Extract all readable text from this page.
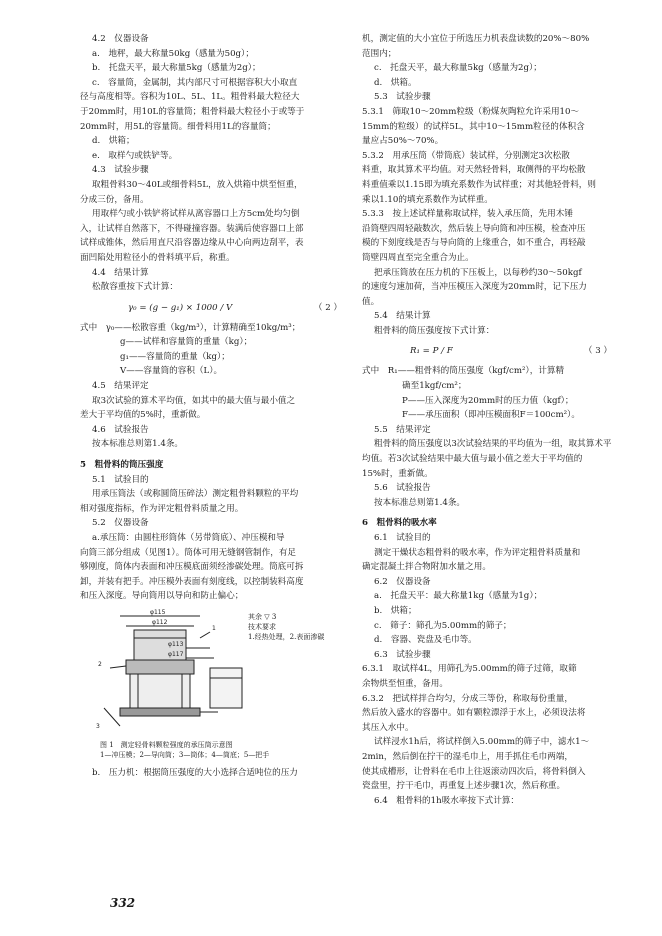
4.2　仪器设备
a.　地秤，最大称量50kg（感量为50g）；
b.　托盘天平，最大称量5kg（感量为2g）；
c.　容量筒，金属制，其内部尺寸可根据容积大小取直
径与高度相等。容积为10L、5L、1L。粗骨料最大粒径大
于20mm时，用10L的容量筒；粗骨料最大粒径小于或等于
20mm时，用5L的容量筒。细骨料用1L的容量筒；
d.　烘箱；
e.　取样勺或铁铲等。
4.3　试验步骤
取粗骨料30～40L或细骨料5L，放入烘箱中烘至恒重，
分成三份，备用。
用取样勺或小铁铲将试样从离容器口上方5cm处均匀倒
入，让试样自然落下，不得碰撞容器。装满后使容器口上部
试样成锥体，然后用直尺沿容器边缘从中心向两边刮平，表
面凹陷处用粒径小的骨料填平后，称重。
4.4　结果计算
松散容重按下式计算：
γ₀ = (g − g₁) × 1000 / V	（ 2 ）
式中　γ₀——松散容重（kg/m³），计算精确至10kg/m³；
g——试样和容量筒的重量（kg）；
g₁——容量筒的重量（kg）；
V——容量筒的容积（L）。
4.5　结果评定
取3次试验的算术平均值，如其中的最大值与最小值之
差大于平均值的5%时，重新做。
4.6　试验报告
按本标准总则第1.4条。
5　粗骨料的筒压强度
5.1　试验目的
用承压筒法（或称圆筒压碎法）测定粗骨料颗粒的平均
相对强度指标，作为评定粗骨料质量之用。
5.2　仪器设备
a.承压筒：由圆柱形筒体（另带筒底）、冲压模和导
向筒三部分组成（见图1）。筒体可用无缝钢管制作，有足
够刚度，筒体内表面和冲压模底面须经渗碳处理。筒底可拆
卸，并装有把手。冲压模外表面有刻度线，以控制装料高度
和压入深度。导向筒用以导向和防止偏心；
φ115
φ112
φ113
φ117
1
2
3
其余 ▽ 3
技术要求
1.经热处理，2.表面渗碳
图 1　测定轻骨料颗粒强度的承压筒示意图
1—冲压模；2—导向筒；3—筒体；4—筒底；5—把手
b.　压力机：根据筒压强度的大小选择合适吨位的压力
机，测定值的大小宜位于所选压力机表盘读数的20%～80%
范围内；
c.　托盘天平，最大称量5kg（感量为2g）；
d.　烘箱。
5.3　试验步骤
5.3.1　筛取10～20mm粒级（粉煤灰陶粒允许采用10～
15mm的粒级）的试样5L，其中10～15mm粒径的体积含
量应占50%～70%。
5.3.2　用承压筒（带筒底）装试样，分别测定3次松散
料重，取其算术平均值。对天然轻骨料，取侧得的平均松散
料重值乘以1.15即为填充系数作为试样重；对其他轻骨料，则
乘以1.10的填充系数作为试样重。
5.3.3　按上述试样量称取试样，装入承压筒，先用木锤
沿筒壁四周轻敲数次，然后装上导向筒和冲压模，检查冲压
模的下刻度线是否与导向筒的上缘重合，如不重合，再轻敲
筒壁四周直至完全重合为止。
把承压筒放在压力机的下压板上，以每秒约30～50kgf
的速度匀速加荷，当冲压模压入深度为20mm时，记下压力
值。
5.4　结果计算
粗骨料的筒压强度按下式计算：
R₁ = P / F	（ 3 ）
式中　R₁——粗骨料的筒压强度（kgf/cm²），计算精
确至1kgf/cm²；
P——压入深度为20mm时的压力值（kgf）；
F——承压面积（即冲压模面积F＝100cm²）。
5.5　结果评定
粗骨料的筒压强度以3次试验结果的平均值为一组，取其算术平
均值。若3次试验结果中最大值与最小值之差大于平均值的
15%时，重新做。
5.6　试验报告
按本标准总则第1.4条。
6　粗骨料的吸水率
6.1　试验目的
测定干燥状态粗骨料的吸水率，作为评定粗骨料质量和
确定混凝土拌合物附加水量之用。
6.2　仪器设备
a.　托盘天平：最大称量1kg（感量为1g）；
b.　烘箱；
c.　筛子：筛孔为5.00mm的筛子；
d.　容器、瓷盘及毛巾等。
6.3　试验步骤
6.3.1　取试样4L，用筛孔为5.00mm的筛子过筛，取筛
余物烘至恒重，备用。
6.3.2　把试样拌合均匀，分成三等份，称取每份重量，
然后放入盛水的容器中。如有颗粒漂浮于水上，必须设法将
其压入水中。
试样浸水1h后，将试样倒入5.00mm的筛子中，滤水1～
2min，然后倒在拧干的湿毛巾上，用手抓住毛巾两端，
使其成槽形，让骨料在毛巾上往返滚动四次后，将骨料倒入
瓷盘里，拧干毛巾，再重复上述步骤1次，然后称重。
6.4　粗骨料的1h吸水率按下式计算：
332
